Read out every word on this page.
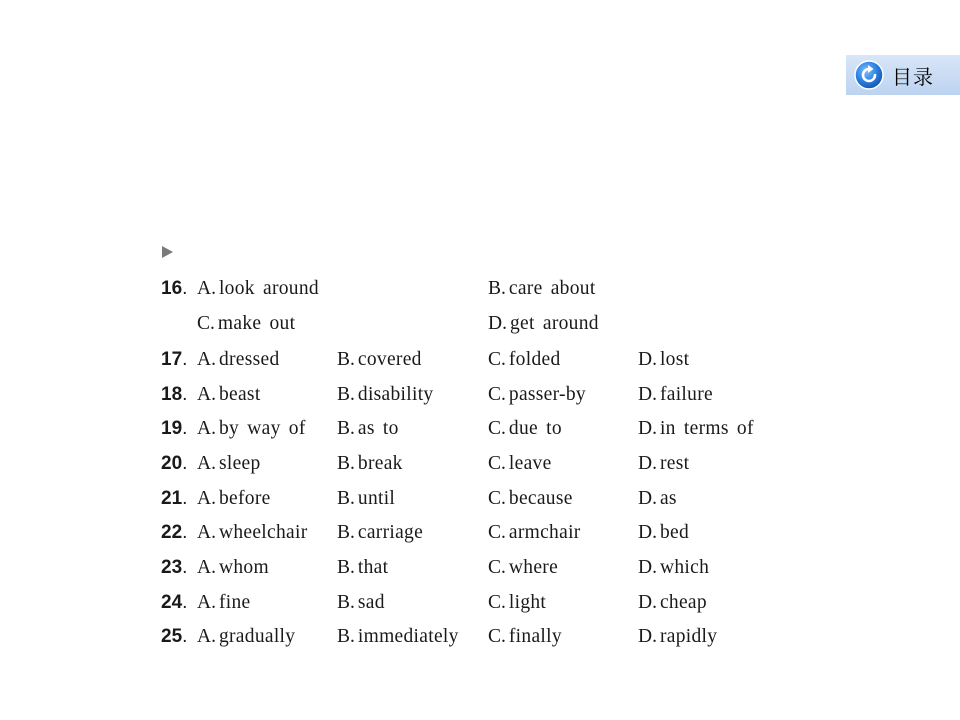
目录
16. A. look around	B. care about
C. make out	D. get around
17. A. dressed	B. covered	C. folded	D. lost
18. A. beast	B. disability	C. passer-by	D. failure
19. A. by way of B. as to	C. due to	D. in terms of
20. A. sleep	B. break	C. leave	D. rest
21. A. before	B. until	C. because	D. as
22. A. wheelchair B. carriage	C. armchair	D. bed
23. A. whom	B. that	C. where	D. which
24. A. fine	B. sad	C. light	D. cheap
25. A. gradually B. immediately C. finally	D. rapidly
